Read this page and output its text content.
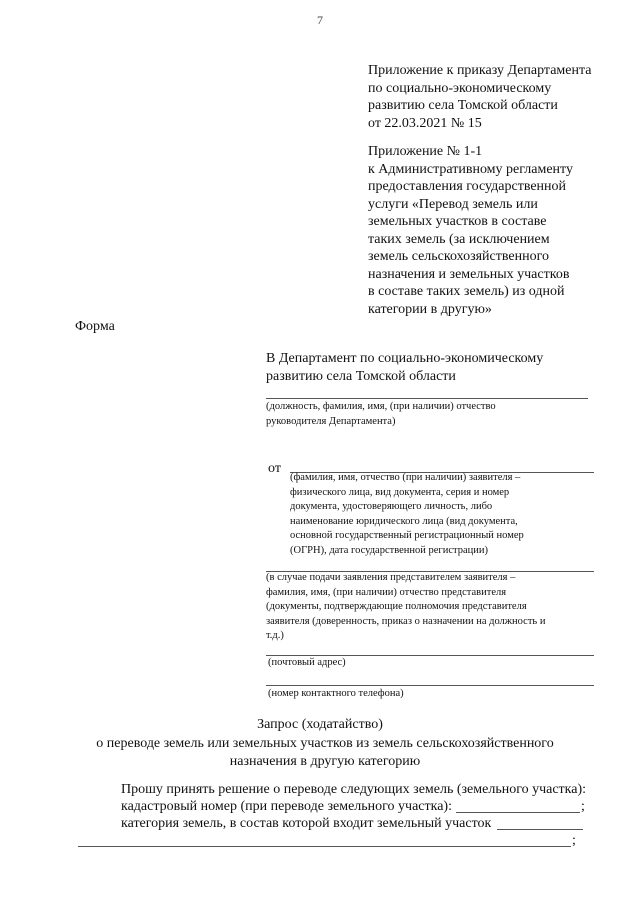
7
Приложение к приказу Департамента
по социально-экономическому
развитию села Томской области
от 22.03.2021 № 15
Приложение № 1-1
к Административному регламенту
предоставления государственной
услуги «Перевод земель или
земельных участков в составе
таких земель (за исключением
земель сельскохозяйственного
назначения и земельных участков
в составе таких земель) из одной
категории в другую»
Форма
В Департамент по социально-экономическому
развитию села Томской области
(должность, фамилия, имя, (при наличии) отчество
руководителя Департамента)
от
(фамилия, имя, отчество (при наличии) заявителя –
физического лица, вид документа, серия и номер
документа, удостоверяющего личность, либо
наименование юридического лица (вид документа,
основной государственный регистрационный номер
(ОГРН), дата государственной регистрации)
(в случае подачи заявления представителем заявителя –
фамилия, имя, (при наличии) отчество представителя
(документы, подтверждающие полномочия представителя
заявителя (доверенность, приказ о назначении на должность и
т.д.)
(почтовый адрес)
(номер контактного телефона)
Запрос (ходатайство)
о переводе земель или земельных участков из земель сельскохозяйственного
назначения в другую категорию
Прошу принять решение о переводе следующих земель (земельного участка):
кадастровый номер (при переводе земельного участка):	;
категория земель, в состав которой входит земельный участок
;
